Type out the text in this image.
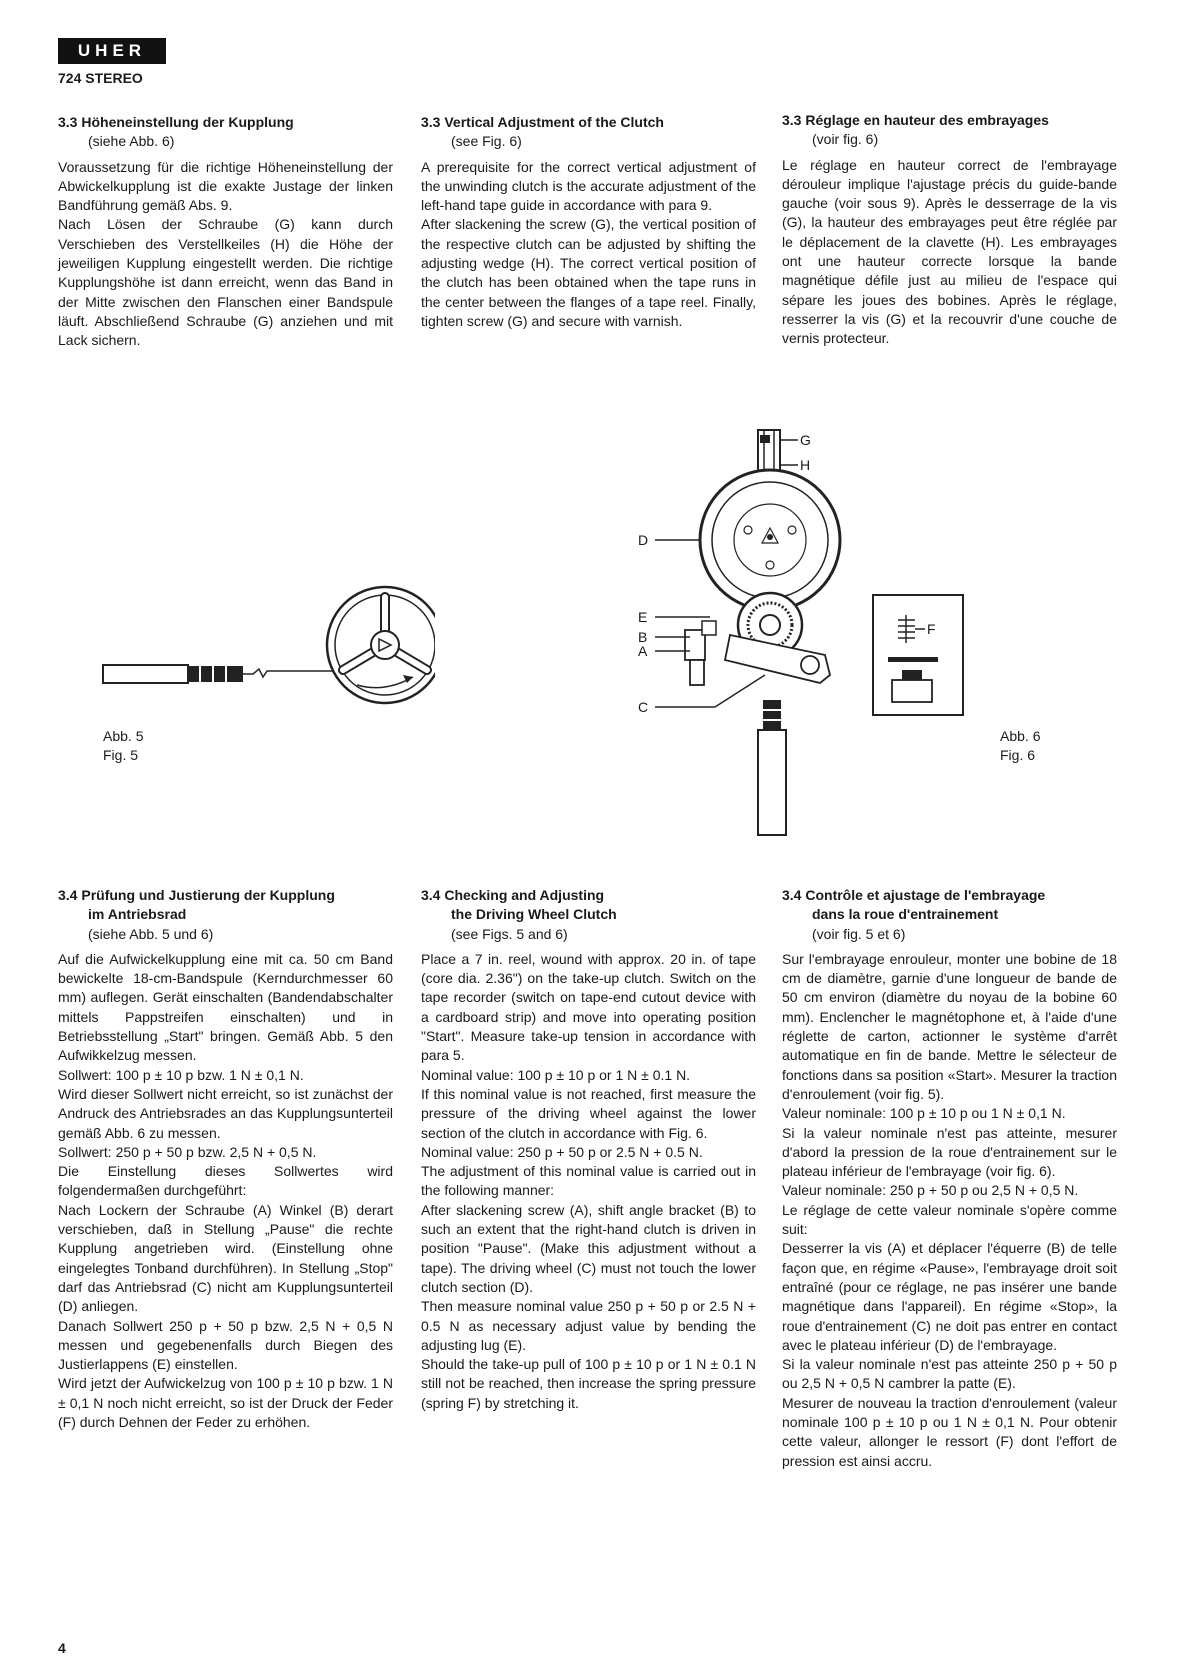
UHER
724 STEREO
3.3 Höheneinstellung der Kupplung
(siehe Abb. 6)

Voraussetzung für die richtige Höheneinstellung der Abwickelkupplung ist die exakte Justage der linken Bandführung gemäß Abs. 9.

Nach Lösen der Schraube (G) kann durch Verschieben des Verstellkeiles (H) die Höhe der jeweiligen Kupplung eingestellt werden. Die richtige Kupplungshöhe ist dann erreicht, wenn das Band in der Mitte zwischen den Flanschen einer Bandspule läuft. Abschließend Schraube (G) anziehen und mit Lack sichern.

3.3 Vertical Adjustment of the Clutch
(see Fig. 6)

A prerequisite for the correct vertical adjustment of the unwinding clutch is the accurate adjustment of the left-hand tape guide in accordance with para 9.

After slackening the screw (G), the vertical position of the respective clutch can be adjusted by shifting the adjusting wedge (H). The correct vertical position of the clutch has been obtained when the tape runs in the center between the flanges of a tape reel. Finally, tighten screw (G) and secure with varnish.

3.3 Réglage en hauteur des embrayages
(voir fig. 6)

Le réglage en hauteur correct de l'embrayage dérouleur implique l'ajustage précis du guide-bande gauche (voir sous 9). Après le desserrage de la vis (G), la hauteur des embrayages peut être réglée par le déplacement de la clavette (H). Les embrayages ont une hauteur correcte lorsque la bande magnétique défile just au milieu de l'espace qui sépare les joues des bobines. Après le réglage, resserrer la vis (G) et la recouvrir d'une couche de vernis protecteur.

Abb. 5
Fig. 5
G
H
D
E
B
A
C
F
Abb. 6
Fig. 6
3.4 Prüfung und Justierung der Kupplung
im Antriebsrad
(siehe Abb. 5 und 6)

Auf die Aufwickelkupplung eine mit ca. 50 cm Band bewickelte 18-cm-Bandspule (Kerndurchmesser 60 mm) auflegen. Gerät einschalten (Bandendabschalter mittels Pappstreifen einschalten) und in Betriebsstellung „Start" bringen. Gemäß Abb. 5 den Aufwikkelzug messen.

Sollwert: 100 p ± 10 p bzw. 1 N ± 0,1 N.

Wird dieser Sollwert nicht erreicht, so ist zunächst der Andruck des Antriebsrades an das Kupplungsunterteil gemäß Abb. 6 zu messen.

Sollwert: 250 p + 50 p bzw. 2,5 N + 0,5 N.

Die Einstellung dieses Sollwertes wird folgendermaßen durchgeführt:

Nach Lockern der Schraube (A) Winkel (B) derart verschieben, daß in Stellung „Pause" die rechte Kupplung angetrieben wird. (Einstellung ohne eingelegtes Tonband durchführen). In Stellung „Stop" darf das Antriebsrad (C) nicht am Kupplungsunterteil (D) anliegen.

Danach Sollwert 250 p + 50 p bzw. 2,5 N + 0,5 N messen und gegebenenfalls durch Biegen des Justierlappens (E) einstellen.

Wird jetzt der Aufwickelzug von 100 p ± 10 p bzw. 1 N ± 0,1 N noch nicht erreicht, so ist der Druck der Feder (F) durch Dehnen der Feder zu erhöhen.

3.4 Checking and Adjusting
the Driving Wheel Clutch
(see Figs. 5 and 6)

Place a 7 in. reel, wound with approx. 20 in. of tape (core dia. 2.36") on the take-up clutch. Switch on the tape recorder (switch on tape-end cutout device with a cardboard strip) and move into operating position "Start". Measure take-up tension in accordance with para 5.

Nominal value: 100 p ± 10 p or 1 N ± 0.1 N.

If this nominal value is not reached, first measure the pressure of the driving wheel against the lower section of the clutch in accordance with Fig. 6.

Nominal value: 250 p + 50 p or 2.5 N + 0.5 N.

The adjustment of this nominal value is carried out in the following manner:

After slackening screw (A), shift angle bracket (B) to such an extent that the right-hand clutch is driven in position "Pause". (Make this adjustment without a tape). The driving wheel (C) must not touch the lower clutch section (D).

Then measure nominal value 250 p + 50 p or 2.5 N + 0.5 N as necessary adjust value by bending the adjusting lug (E).

Should the take-up pull of 100 p ± 10 p or 1 N ± 0.1 N still not be reached, then increase the spring pressure (spring F) by stretching it.

3.4 Contrôle et ajustage de l'embrayage
dans la roue d'entrainement
(voir fig. 5 et 6)

Sur l'embrayage enrouleur, monter une bobine de 18 cm de diamètre, garnie d'une longueur de bande de 50 cm environ (diamètre du noyau de la bobine 60 mm). Enclencher le magnétophone et, à l'aide d'une réglette de carton, actionner le système d'arrêt automatique en fin de bande. Mettre le sélecteur de fonctions dans sa position «Start». Mesurer la traction d'enroulement (voir fig. 5).

Valeur nominale: 100 p ± 10 p ou 1 N ± 0,1 N.

Si la valeur nominale n'est pas atteinte, mesurer d'abord la pression de la roue d'entrainement sur le plateau inférieur de l'embrayage (voir fig. 6).

Valeur nominale: 250 p + 50 p ou 2,5 N + 0,5 N.

Le réglage de cette valeur nominale s'opère comme suit:

Desserrer la vis (A) et déplacer l'équerre (B) de telle façon que, en régime «Pause», l'embrayage droit soit entraîné (pour ce réglage, ne pas insérer une bande magnétique dans l'appareil). En régime «Stop», la roue d'entrainement (C) ne doit pas entrer en contact avec le plateau inférieur (D) de l'embrayage.

Si la valeur nominale n'est pas atteinte 250 p + 50 p ou 2,5 N + 0,5 N cambrer la patte (E).

Mesurer de nouveau la traction d'enroulement (valeur nominale 100 p ± 10 p ou 1 N ± 0,1 N. Pour obtenir cette valeur, allonger le ressort (F) dont l'effort de pression est ainsi accru.

4
